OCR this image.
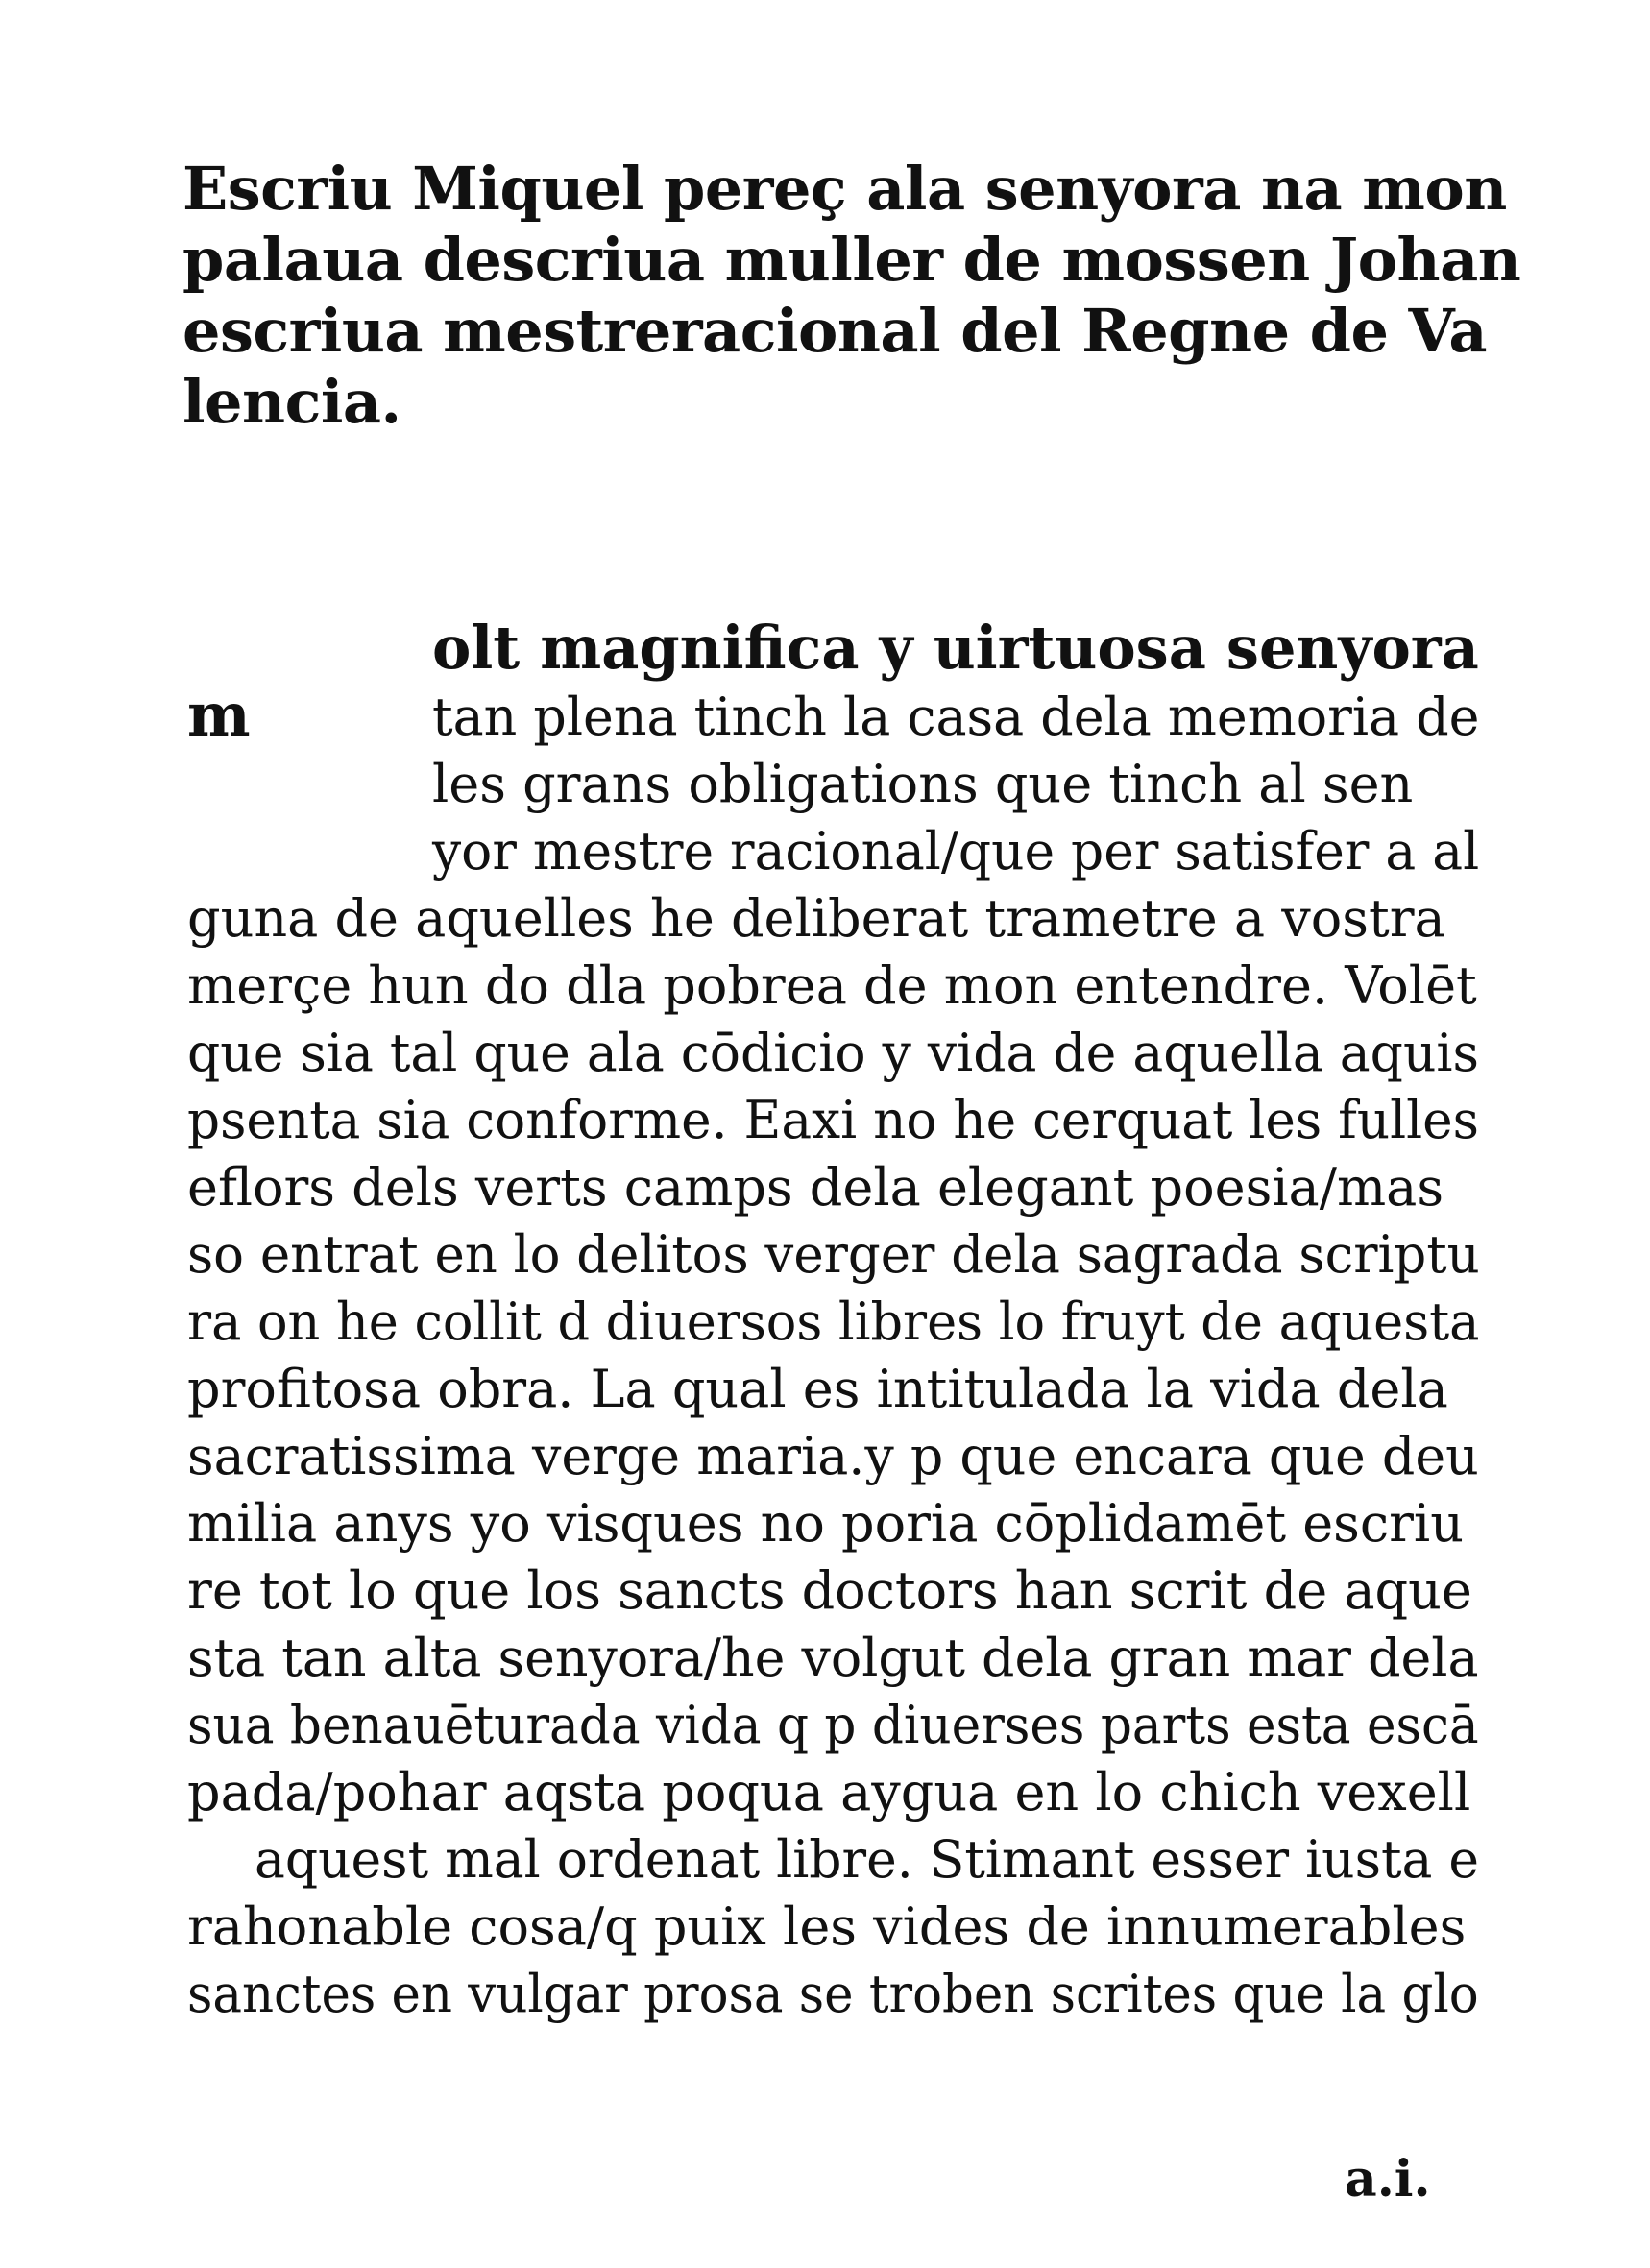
Escriu Miquel pereç ala senyora na mon
palaua descriua muller de mossen Johan
escriua mestreracional del Regne de Va
lencia.
m
olt magnifica y uirtuosa senyora
tan plena tinch la casa dela memoria de
les grans obligations que tinch al sen
yor mestre racional/que per satisfer a al
guna de aquelles he deliberat trametre a vostra
merçe hun do dla pobrea de mon entendre. Volēt
que sia tal que ala cōdicio y vida de aquella aquis
psenta sia conforme. Eaxi no he cerquat les fulles
eflors dels verts camps dela elegant poesia/mas
so entrat en lo delitos verger dela sagrada scriptu
ra on he collit d diuersos libres lo fruyt de aquesta
profitosa obra. La qual es intitulada la vida dela
sacratissima verge maria.y p que encara que deu
milia anys yo visques no poria cōplidamēt escriu
re tot lo que los sancts doctors han scrit de aque
sta tan alta senyora/he volgut dela gran mar dela
sua benauēturada vida q p diuerses parts esta escā
pada/pohar aqsta poqua aygua en lo chich vexell
aquest mal ordenat libre. Stimant esser iusta e
rahonable cosa/q puix les vides de innumerables
sanctes en vulgar prosa se troben scrites que la glo
a.i.
